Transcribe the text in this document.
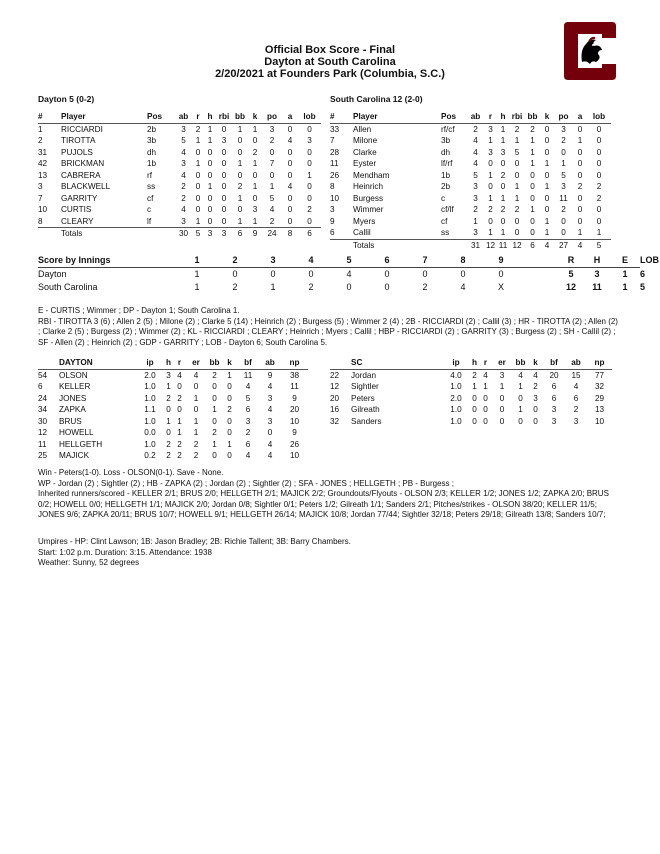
Official Box Score - Final
Dayton at South Carolina
2/20/2021 at Founders Park (Columbia, S.C.)
Dayton 5 (0-2)	South Carolina 12 (2-0)
#	Player	Pos	ab	r	h	rbi	bb	k	po	a	lob
1	RICCIARDI	2b	3	2	1	0	1	1	3	0	0
2	TIROTTA	3b	5	1	1	3	0	0	2	4	3
31	PUJOLS	dh	4	0	0	0	0	2	0	0	0
42	BRICKMAN	1b	3	1	0	0	1	1	7	0	0
13	CABRERA	rf	4	0	0	0	0	0	0	0	1
3	BLACKWELL	ss	2	0	1	0	2	1	1	4	0
7	GARRITY	cf	2	0	0	0	1	0	5	0	0
10	CURTIS	c	4	0	0	0	0	3	4	0	2
8	CLEARY	lf	3	1	0	0	1	1	2	0	0
	Totals		30	5	3	3	6	9	24	8	6
#	Player	Pos	ab	r	h	rbi	bb	k	po	a	lob
33	Allen	rf/cf	2	3	1	2	2	0	3	0	0
7	Milone	3b	4	1	1	1	1	0	2	1	0
28	Clarke	dh	4	3	3	5	1	0	0	0	0
11	Eyster	lf/rf	4	0	0	0	1	1	1	0	0
26	Mendham	1b	5	1	2	0	0	0	5	0	0
8	Heinrich	2b	3	0	0	1	0	1	3	2	2
10	Burgess	c	3	1	1	1	0	0	11	0	2
3	Wimmer	cf/lf	2	2	2	2	1	0	2	0	0
9	Myers	cf	1	0	0	0	0	1	0	0	0
6	Callil	ss	3	1	1	0	0	1	0	1	1
	Totals		31	12	11	12	6	4	27	4	5
Score by Innings	1	2	3	4	5	6	7	8	9		R	H	E	LOB
Dayton	1	0	0	0	4	0	0	0	0		5	3	1	6
South Carolina	1	2	1	2	0	0	2	4	X		12	11	1	5

E - CURTIS ; Wimmer ; DP - Dayton 1; South Carolina 1.

RBI - TIROTTA 3 (6) ; Allen 2 (5) ; Milone (2) ; Clarke 5 (14) ; Heinrich (2) ; Burgess (5) ; Wimmer 2 (4) ; 2B - RICCIARDI (2) ; Callil (3) ; HR - TIROTTA (2) ; Allen (2) ; Clarke 2 (5) ; Burgess (2) ; Wimmer (2) ; KL - RICCIARDI ; CLEARY ; Heinrich ; Myers ; Callil ; HBP - RICCIARDI (2) ; GARRITY (3) ; Burgess (2) ; SH - Callil (2) ; SF - Allen (2) ; Heinrich (2) ; GDP - GARRITY ; LOB - Dayton 6; South Carolina 5.

	DAYTON	ip	h	r	er	bb	k	bf	ab	np
54	OLSON	2.0	3	4	4	2	1	11	9	38
6	KELLER	1.0	1	0	0	0	0	4	4	11
24	JONES	1.0	2	2	1	0	0	5	3	9
34	ZAPKA	1.1	0	0	0	1	2	6	4	20
30	BRUS	1.0	1	1	1	0	0	3	3	10
12	HOWELL	0.0	0	1	1	2	0	2	0	9
11	HELLGETH	1.0	2	2	2	1	1	6	4	26
25	MAJICK	0.2	2	2	2	0	0	4	4	10
	SC	ip	h	r	er	bb	k	bf	ab	np
22	Jordan	4.0	2	4	3	4	4	20	15	77
12	Sightler	1.0	1	1	1	1	2	6	4	32
20	Peters	2.0	0	0	0	0	3	6	6	29
16	Gilreath	1.0	0	0	0	1	0	3	2	13
32	Sanders	1.0	0	0	0	0	0	3	3	10

Win - Peters(1-0). Loss - OLSON(0-1). Save - None.

WP - Jordan (2) ; Sightler (2) ; HB - ZAPKA (2) ; Jordan (2) ; Sightler (2) ; SFA - JONES ; HELLGETH ; PB - Burgess ;

Inherited runners/scored - KELLER 2/1; BRUS 2/0; HELLGETH 2/1; MAJICK 2/2; Groundouts/Flyouts - OLSON 2/3; KELLER 1/2; JONES 1/2; ZAPKA 2/0; BRUS 0/2; HOWELL 0/0; HELLGETH 1/1; MAJICK 2/0; Jordan 0/8; Sightler 0/1; Peters 1/2; Gilreath 1/1; Sanders 2/1; Pitches/strikes - OLSON 38/20; KELLER 11/5; JONES 9/6; ZAPKA 20/11; BRUS 10/7; HOWELL 9/1; HELLGETH 26/14; MAJICK 10/8; Jordan 77/44; Sightler 32/18; Peters 29/18; Gilreath 13/8; Sanders 10/7;

Umpires - HP: Clint Lawson; 1B: Jason Bradley; 2B: Richie Tallent; 3B: Barry Chambers.

Start: 1:02 p.m. Duration: 3:15. Attendance: 1938

Weather: Sunny, 52 degrees
